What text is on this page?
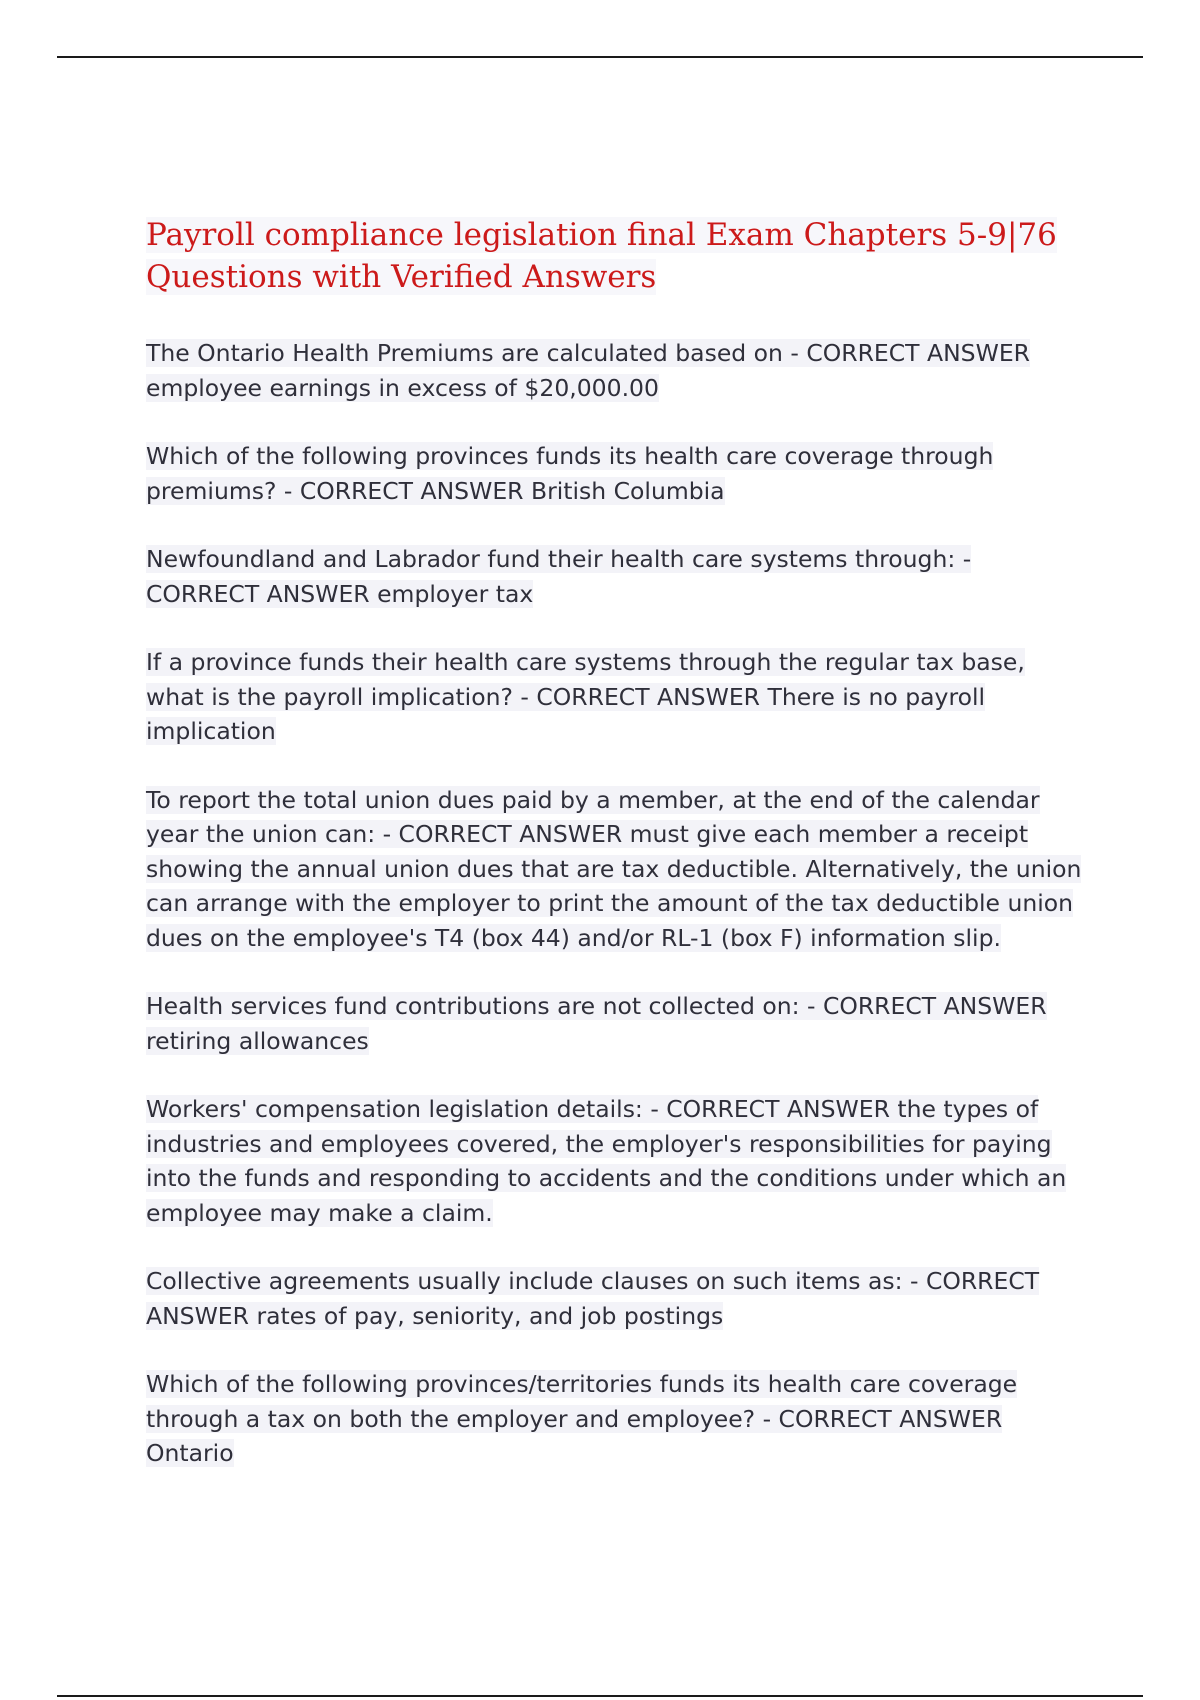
Payroll compliance legislation final Exam Chapters 5-9|76 Questions with Verified Answers

The Ontario Health Premiums are calculated based on - CORRECT ANSWER employee earnings in excess of $20,000.00

Which of the following provinces funds its health care coverage through premiums? - CORRECT ANSWER British Columbia

Newfoundland and Labrador fund their health care systems through: - CORRECT ANSWER employer tax

If a province funds their health care systems through the regular tax base, what is the payroll implication? - CORRECT ANSWER There is no payroll implication

To report the total union dues paid by a member, at the end of the calendar year the union can: - CORRECT ANSWER must give each member a receipt showing the annual union dues that are tax deductible. Alternatively, the union can arrange with the employer to print the amount of the tax deductible union dues on the employee's T4 (box 44) and/or RL-1 (box F) information slip.

Health services fund contributions are not collected on: - CORRECT ANSWER retiring allowances

Workers' compensation legislation details: - CORRECT ANSWER the types of industries and employees covered, the employer's responsibilities for paying into the funds and responding to accidents and the conditions under which an employee may make a claim.

Collective agreements usually include clauses on such items as: - CORRECT ANSWER rates of pay, seniority, and job postings

Which of the following provinces/territories funds its health care coverage through a tax on both the employer and employee? - CORRECT ANSWER Ontario
